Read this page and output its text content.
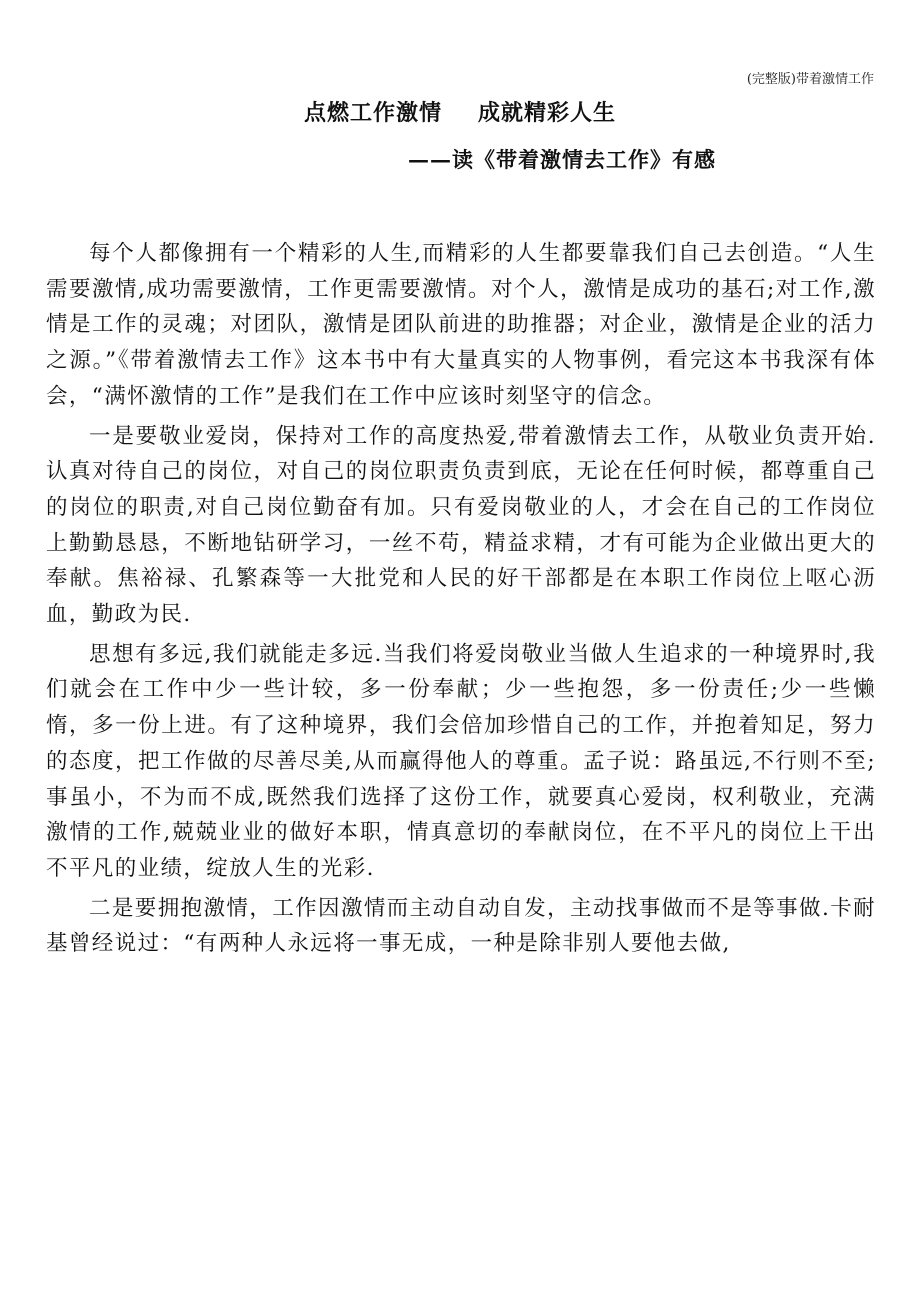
(完整版)带着激情工作
点燃工作激情 成就精彩人生
——读《带着激情去工作》有感

每个人都像拥有一个精彩的人生,而精彩的人生都要靠我们自己去创造。“人生需要激情,成功需要激情，工作更需要激情。对个人，激情是成功的基石;对工作,激情是工作的灵魂；对团队，激情是团队前进的助推器；对企业，激情是企业的活力之源。”《带着激情去工作》这本书中有大量真实的人物事例，看完这本书我深有体会，“满怀激情的工作”是我们在工作中应该时刻坚守的信念。

一是要敬业爱岗，保持对工作的高度热爱,带着激情去工作，从敬业负责开始.认真对待自己的岗位，对自己的岗位职责负责到底，无论在任何时候，都尊重自己的岗位的职责,对自己岗位勤奋有加。只有爱岗敬业的人，才会在自己的工作岗位上勤勤恳恳，不断地钻研学习，一丝不苟，精益求精，才有可能为企业做出更大的奉献。焦裕禄、孔繁森等一大批党和人民的好干部都是在本职工作岗位上呕心沥血，勤政为民.

思想有多远,我们就能走多远.当我们将爱岗敬业当做人生追求的一种境界时,我们就会在工作中少一些计较，多一份奉献；少一些抱怨，多一份责任;少一些懒惰，多一份上进。有了这种境界，我们会倍加珍惜自己的工作，并抱着知足，努力的态度，把工作做的尽善尽美,从而赢得他人的尊重。孟子说：路虽远,不行则不至;事虽小，不为而不成,既然我们选择了这份工作，就要真心爱岗，权利敬业，充满激情的工作,兢兢业业的做好本职，情真意切的奉献岗位，在不平凡的岗位上干出不平凡的业绩，绽放人生的光彩.

二是要拥抱激情，工作因激情而主动自动自发，主动找事做而不是等事做.卡耐基曾经说过：“有两种人永远将一事无成，一种是除非别人要他去做,
